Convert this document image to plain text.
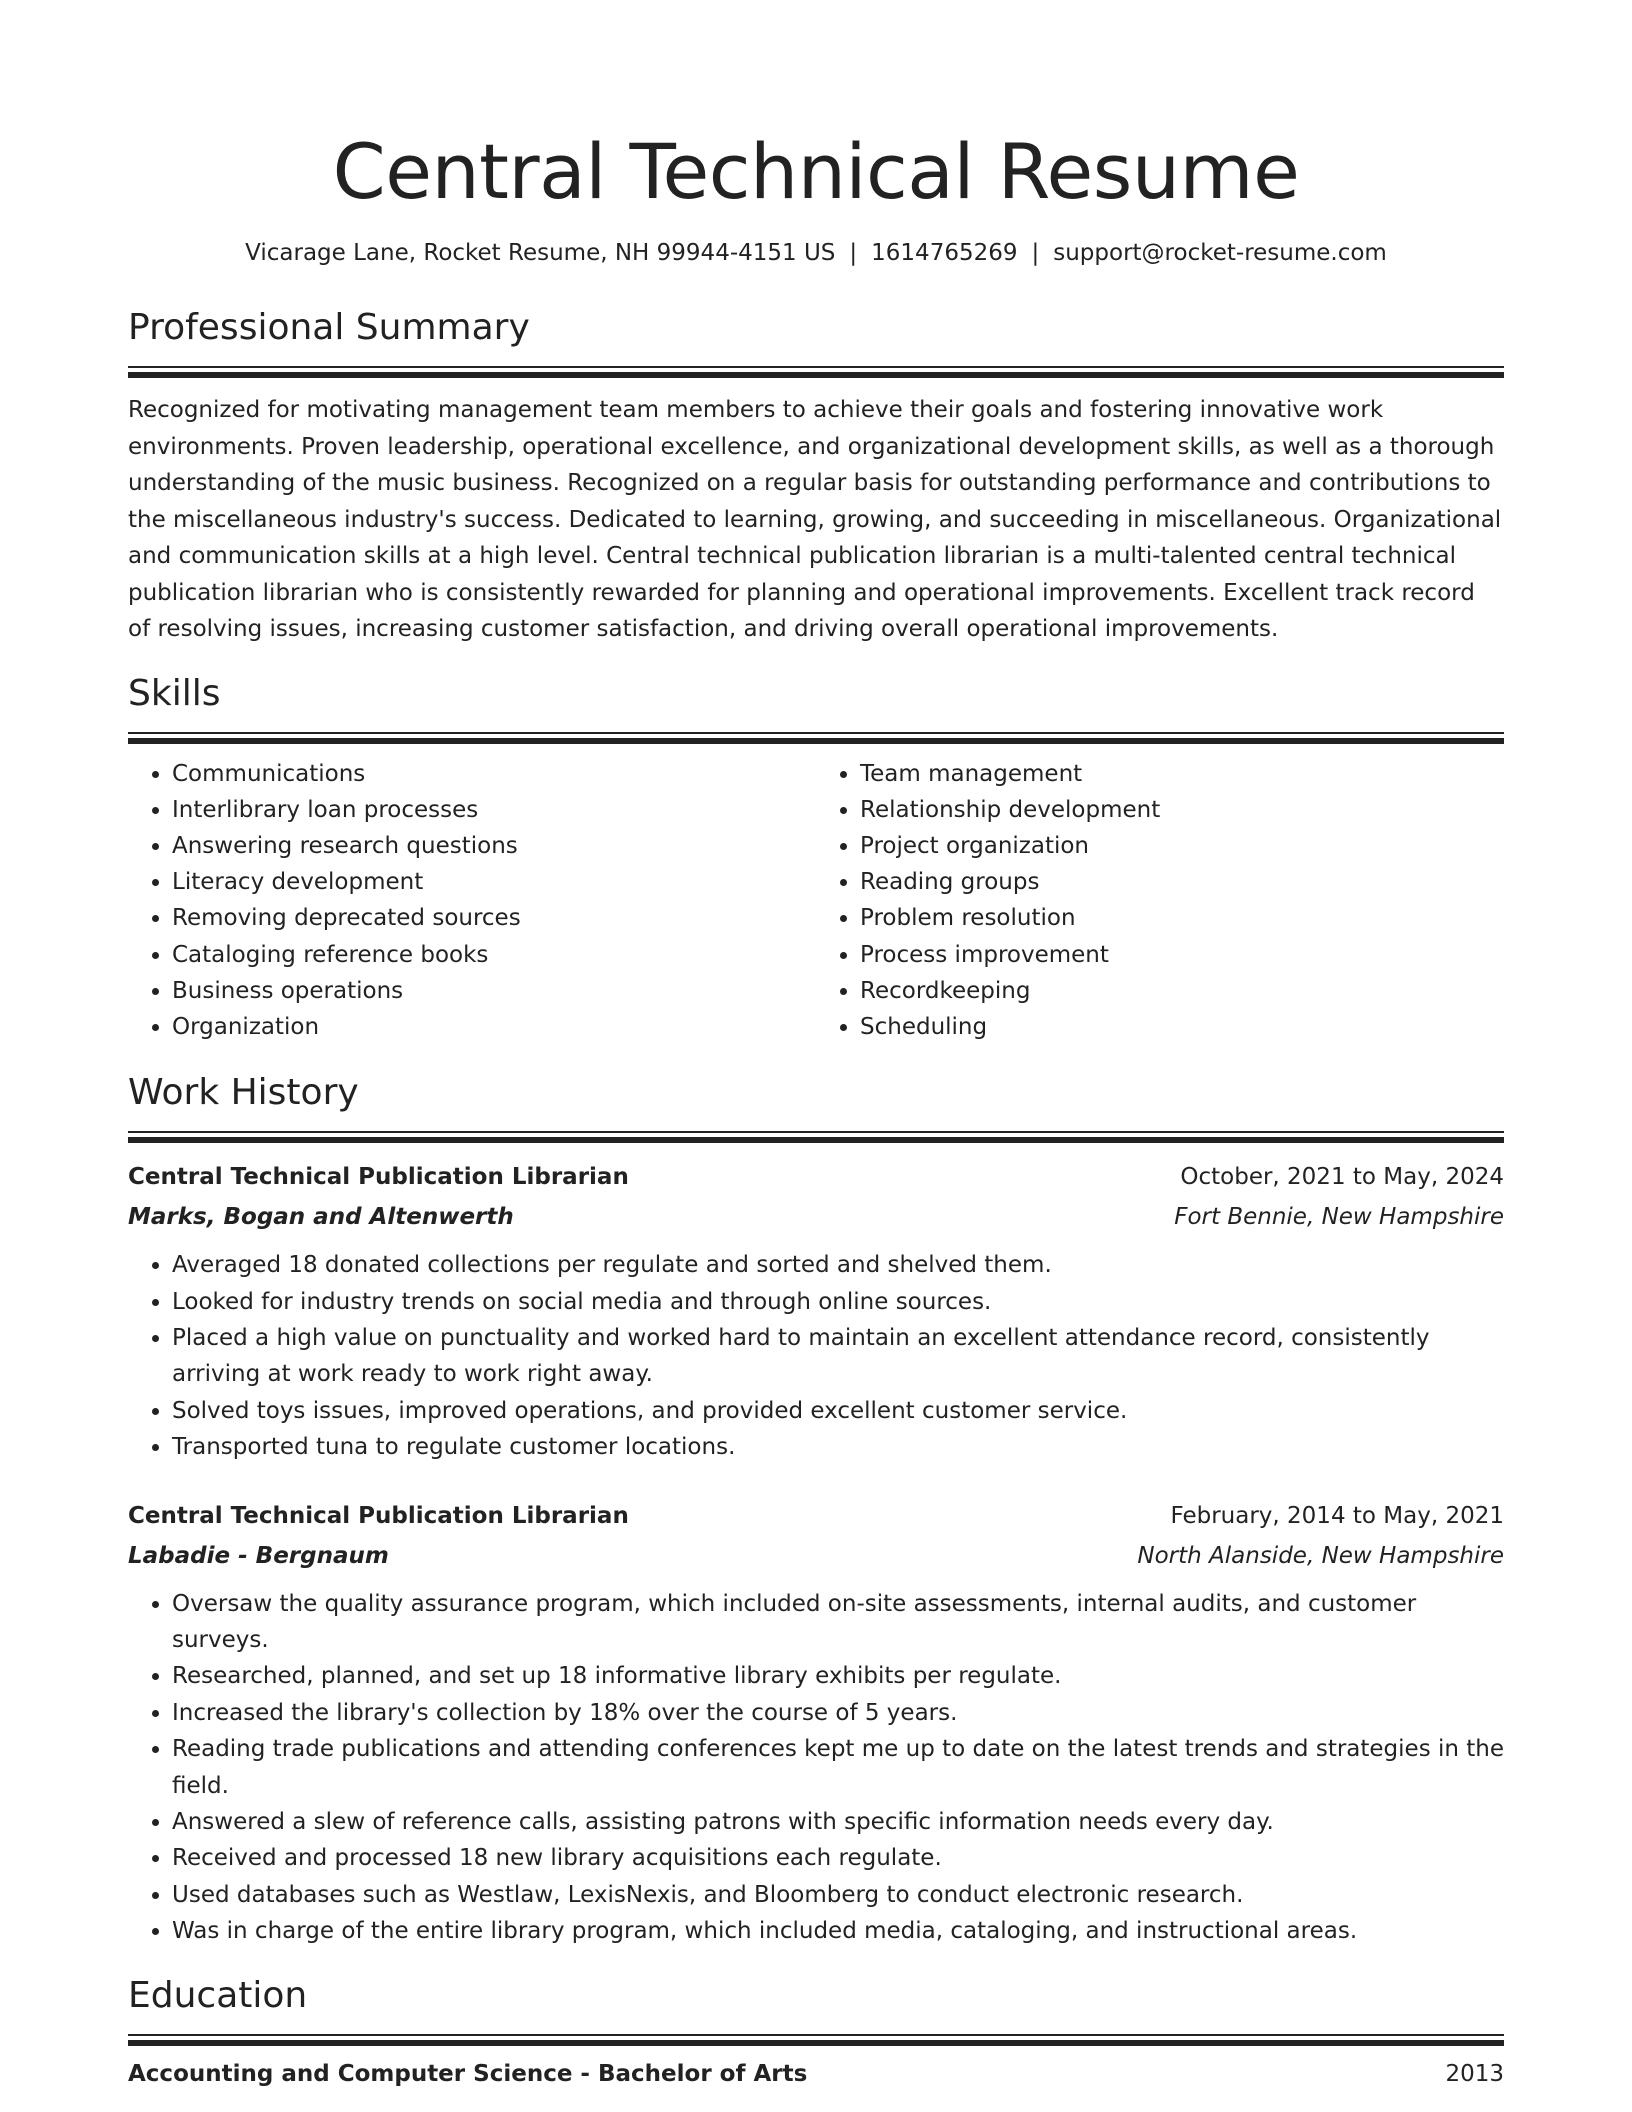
Central Technical Resume
Vicarage Lane, Rocket Resume, NH 99944-4151 US | 1614765269 | support@rocket-resume.com
Professional Summary

Recognized for motivating management team members to achieve their goals and fostering innovative work environments. Proven leadership, operational excellence, and organizational development skills, as well as a thorough understanding of the music business. Recognized on a regular basis for outstanding performance and contributions to the miscellaneous industry's success. Dedicated to learning, growing, and succeeding in miscellaneous. Organizational and communication skills at a high level. Central technical publication librarian is a multi-talented central technical publication librarian who is consistently rewarded for planning and operational improvements. Excellent track record of resolving issues, increasing customer satisfaction, and driving overall operational improvements.

Skills
• Communications
• Interlibrary loan processes
• Answering research questions
• Literacy development
• Removing deprecated sources
• Cataloging reference books
• Business operations
• Organization
• Team management
• Relationship development
• Project organization
• Reading groups
• Problem resolution
• Process improvement
• Recordkeeping
• Scheduling
Work History
Central Technical Publication Librarian	October, 2021 to May, 2024
Marks, Bogan and Altenwerth	Fort Bennie, New Hampshire
• Averaged 18 donated collections per regulate and sorted and shelved them.
• Looked for industry trends on social media and through online sources.
• Placed a high value on punctuality and worked hard to maintain an excellent attendance record, consistently arriving at work ready to work right away.
• Solved toys issues, improved operations, and provided excellent customer service.
• Transported tuna to regulate customer locations.
Central Technical Publication Librarian	February, 2014 to May, 2021
Labadie - Bergnaum	North Alanside, New Hampshire
• Oversaw the quality assurance program, which included on-site assessments, internal audits, and customer surveys.
• Researched, planned, and set up 18 informative library exhibits per regulate.
• Increased the library's collection by 18% over the course of 5 years.
• Reading trade publications and attending conferences kept me up to date on the latest trends and strategies in the field.
• Answered a slew of reference calls, assisting patrons with specific information needs every day.
• Received and processed 18 new library acquisitions each regulate.
• Used databases such as Westlaw, LexisNexis, and Bloomberg to conduct electronic research.
• Was in charge of the entire library program, which included media, cataloging, and instructional areas.
Education
Accounting and Computer Science - Bachelor of Arts	2013
